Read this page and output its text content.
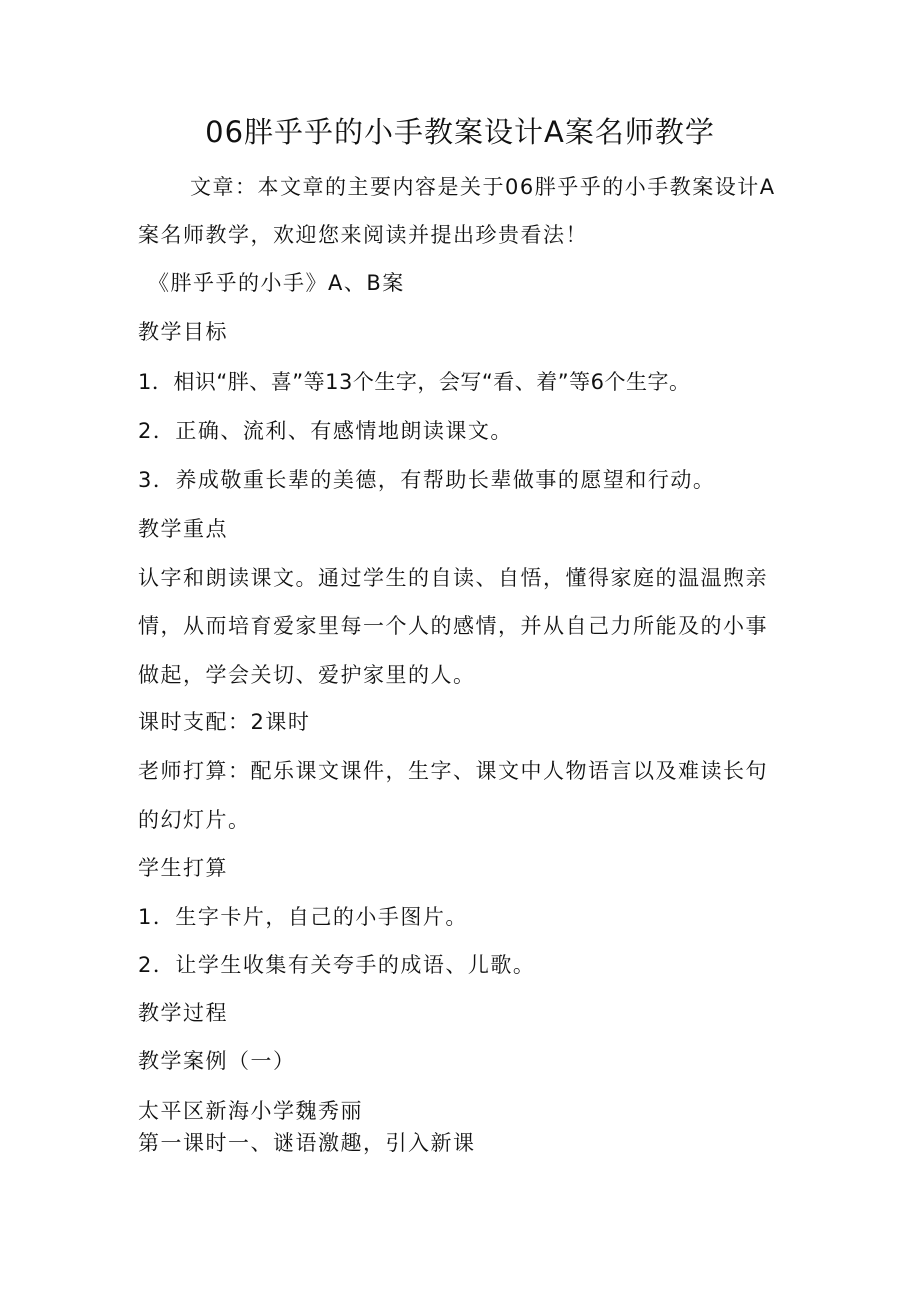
06胖乎乎的小手教案设计A案名师教学
文章：本文章的主要内容是关于06胖乎乎的小手教案设计A
案名师教学，欢迎您来阅读并提出珍贵看法！
《胖乎乎的小手》A、B案
教学目标
1．相识“胖、喜”等13个生字，会写“看、着”等6个生字。
2．正确、流利、有感情地朗读课文。
3．养成敬重长辈的美德，有帮助长辈做事的愿望和行动。
教学重点
认字和朗读课文。通过学生的自读、自悟，懂得家庭的温温煦亲
情，从而培育爱家里每一个人的感情，并从自己力所能及的小事
做起，学会关切、爱护家里的人。
课时支配：2课时
老师打算：配乐课文课件，生字、课文中人物语言以及难读长句
的幻灯片。
学生打算
1．生字卡片，自己的小手图片。
2．让学生收集有关夸手的成语、儿歌。
教学过程
教学案例（一）
太平区新海小学魏秀丽
第一课时一、谜语激趣，引入新课
